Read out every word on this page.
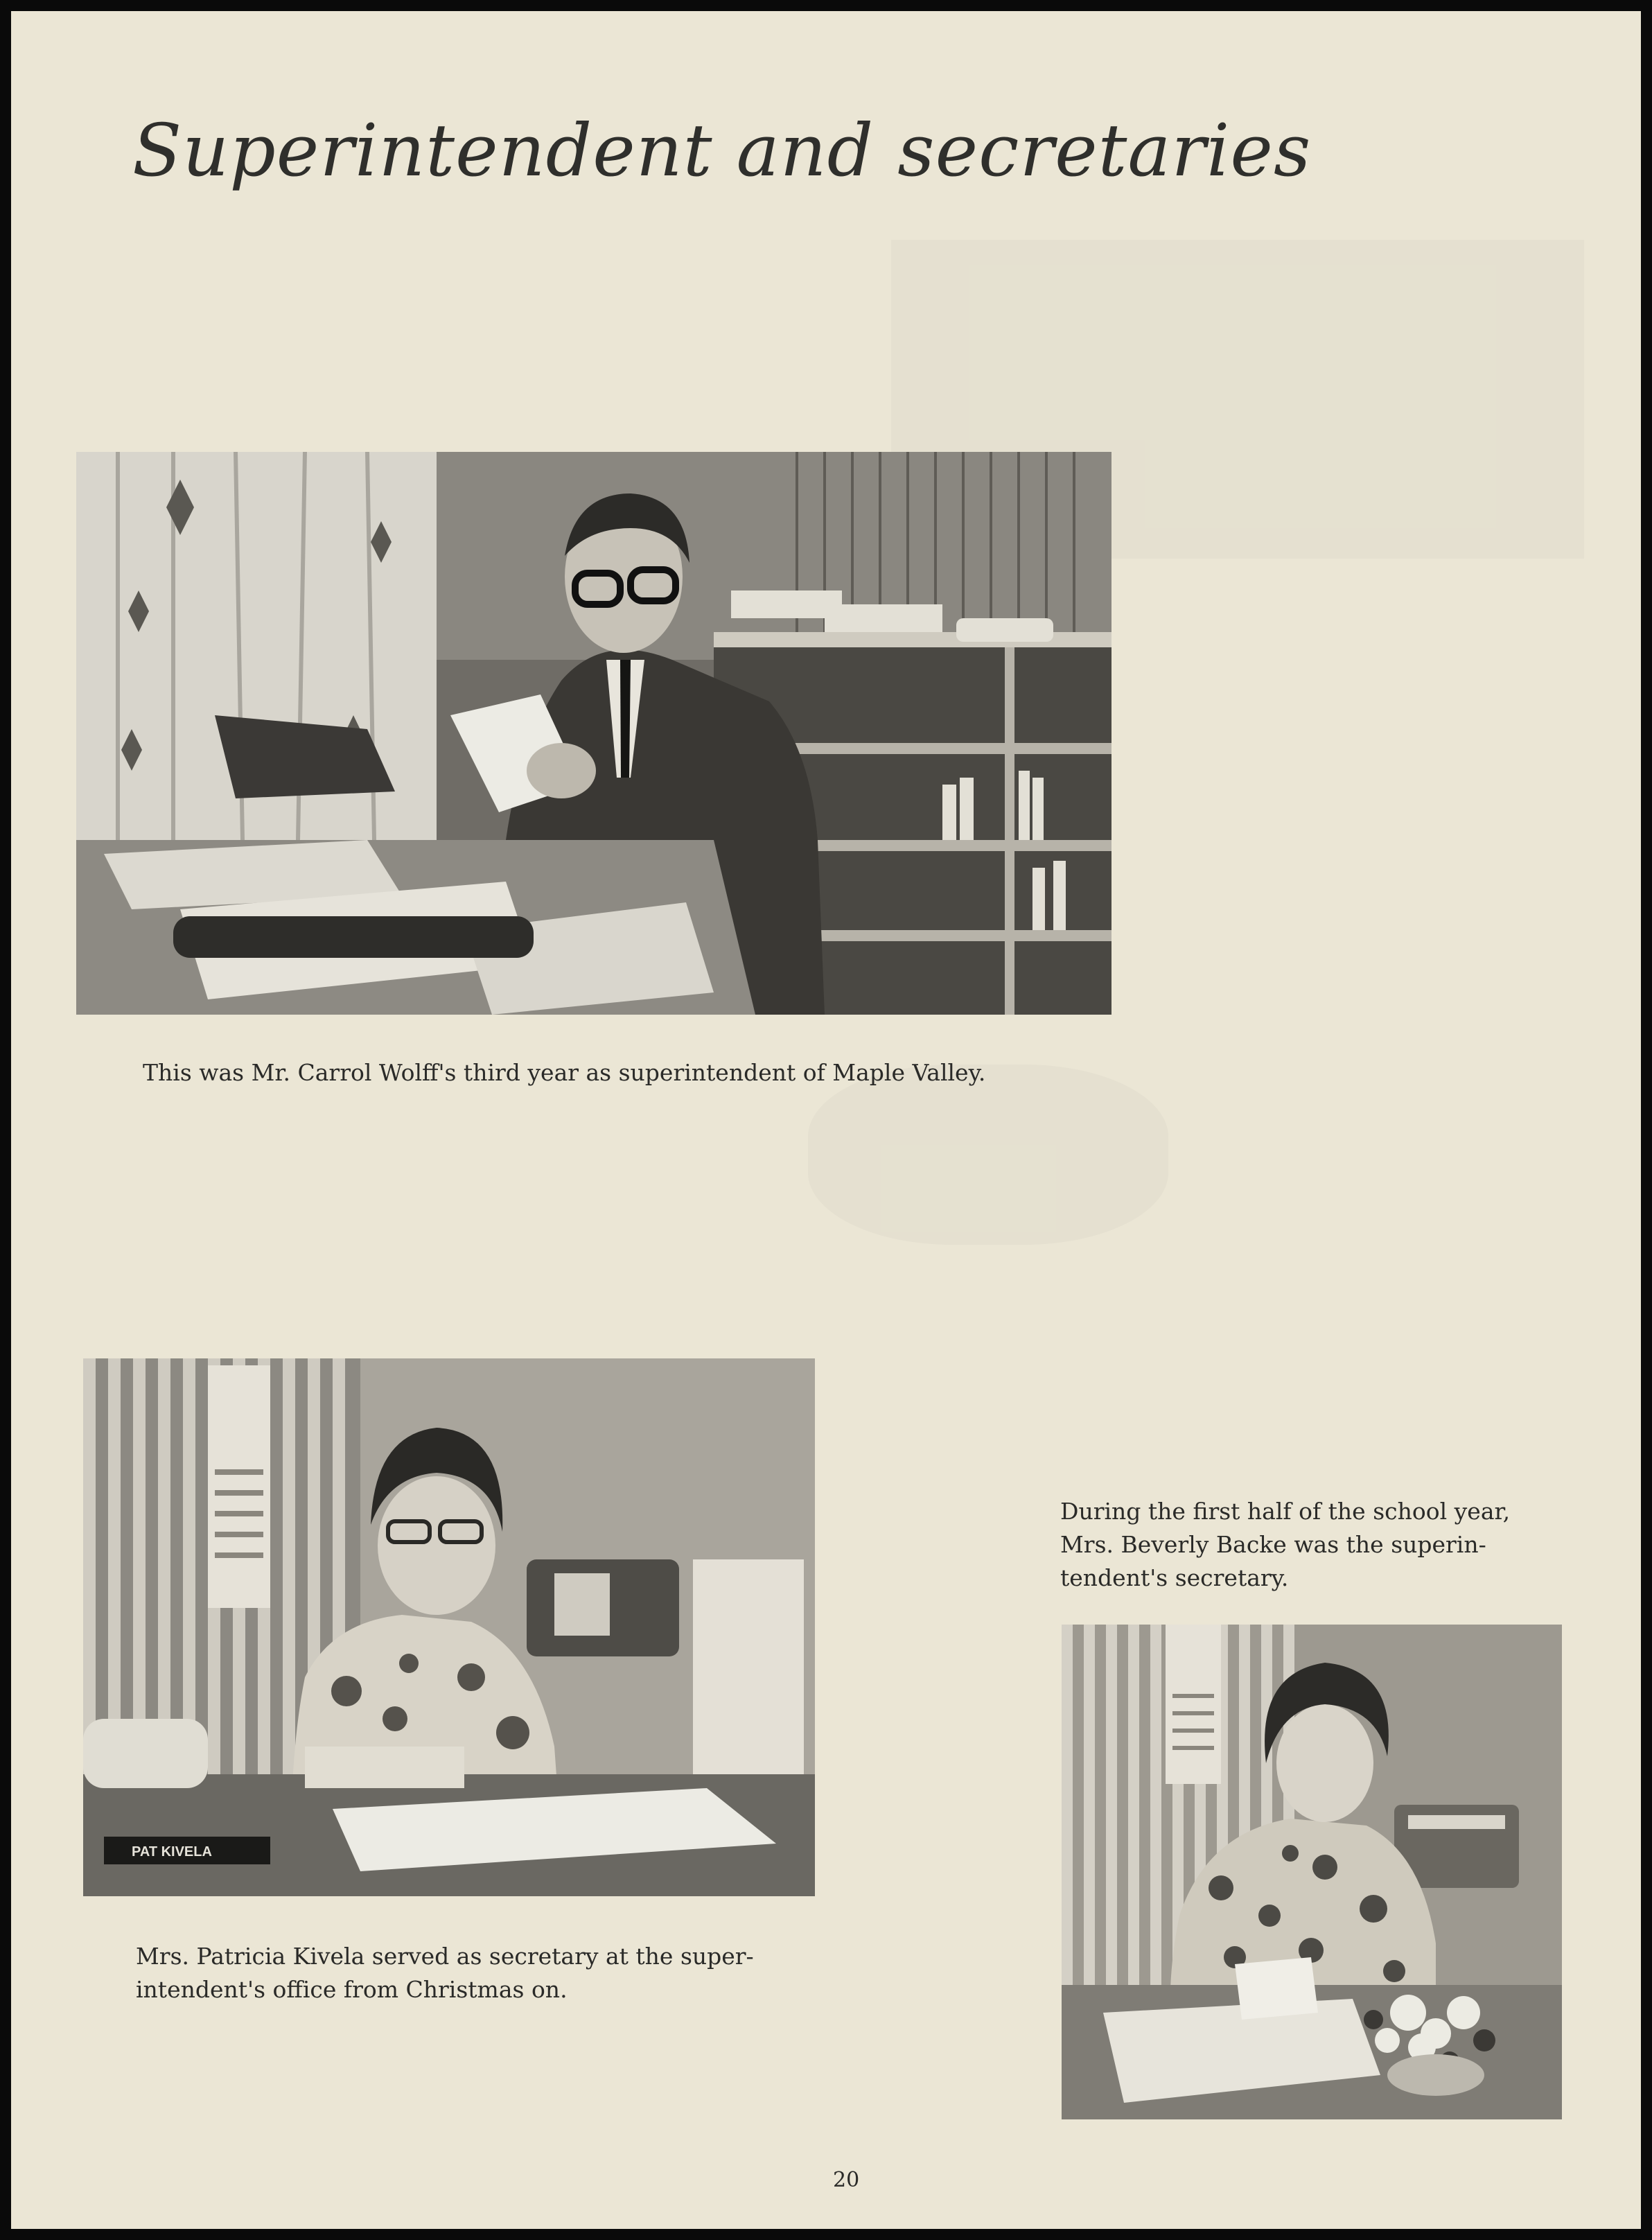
Superintendent and secretaries

This was Mr. Carrol Wolff's third year as superintendent of Maple Valley.

PAT KIVELA

Mrs. Patricia Kivela served as secretary at the super-intendent's office from Christmas on.

During the first half of the school year, Mrs. Beverly Backe was the superin-tendent's secretary.

20
